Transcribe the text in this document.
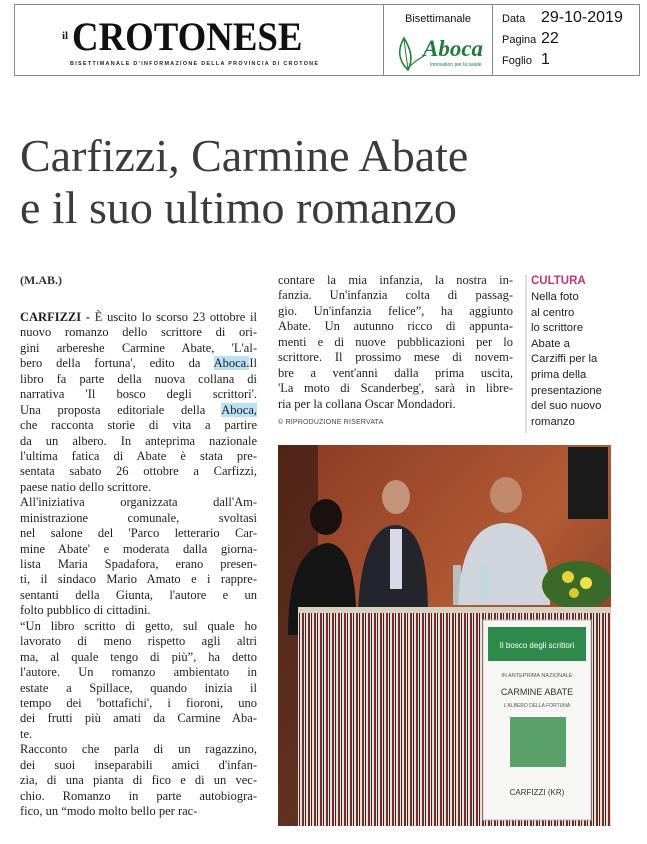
CROTONESE
il
BISETTIMANALE D'INFORMAZIONE DELLA PROVINCIA DI CROTONE
Bisettimanale
Aboca
Innovation per la salute
Data 29-10-2019
Pagina 22
Foglio 1
Carfizzi, Carmine Abate
e il suo ultimo romanzo
(M.AB.)
CARFIZZI - È uscito lo scorso 23 ottobre il
nuovo romanzo dello scrittore di ori-
gini arbereshe Carmine Abate, 'L'al-
bero della fortuna', edito da Aboca.Il
libro fa parte della nuova collana di
narrativa 'Il bosco degli scrittori'.
Una proposta editoriale della Aboca,
che racconta storie di vita a partire
da un albero. In anteprima nazionale
l'ultima fatica di Abate è stata pre-
sentata sabato 26 ottobre a Carfizzi,
paese natio dello scrittore.
All'iniziativa organizzata dall'Am-
ministrazione comunale, svoltasi
nel salone del 'Parco letterario Car-
mine Abate' e moderata dalla giorna-
lista Maria Spadafora, erano presen-
ti, il sindaco Mario Amato e i rappre-
sentanti della Giunta, l'autore e un
folto pubblico di cittadini.
“Un libro scritto di getto, sul quale ho
lavorato di meno rispetto agli altri
ma, al quale tengo di più”, ha detto
l'autore. Un romanzo ambientato in
estate a Spillace, quando inizia il
tempo dei 'bottafichi', i fioroni, uno
dei frutti più amati da Carmine Aba-
te.
Racconto che parla di un ragazzino,
dei suoi inseparabili amici d'infan-
zia, di una pianta di fico e di un vec-
chio. Romanzo in parte autobiogra-
fico, un “modo molto bello per rac-
contare la mia infanzia, la nostra in-
fanzia. Un'infanzia colta di passag-
gio. Un'infanzia felice”, ha aggiunto
Abate. Un autunno ricco di appunta-
menti e di nuove pubblicazioni per lo
scrittore. Il prossimo mese di novem-
bre a vent'anni dalla prima uscita,
'La moto di Scanderbeg', sarà in libre-
ria per la collana Oscar Mondadori.
© RIPRODUZIONE RISERVATA
CULTURA
Nella foto
al centro
lo scrittore
Abate a
Carziffi per la
prima della
presentazione
del suo nuovo
romanzo
Il bosco degli scrittori
IN ANTEPRIMA NAZIONALE
CARMINE ABATE
L'ALBERO DELLA FORTUNA
CARFIZZI (KR)
